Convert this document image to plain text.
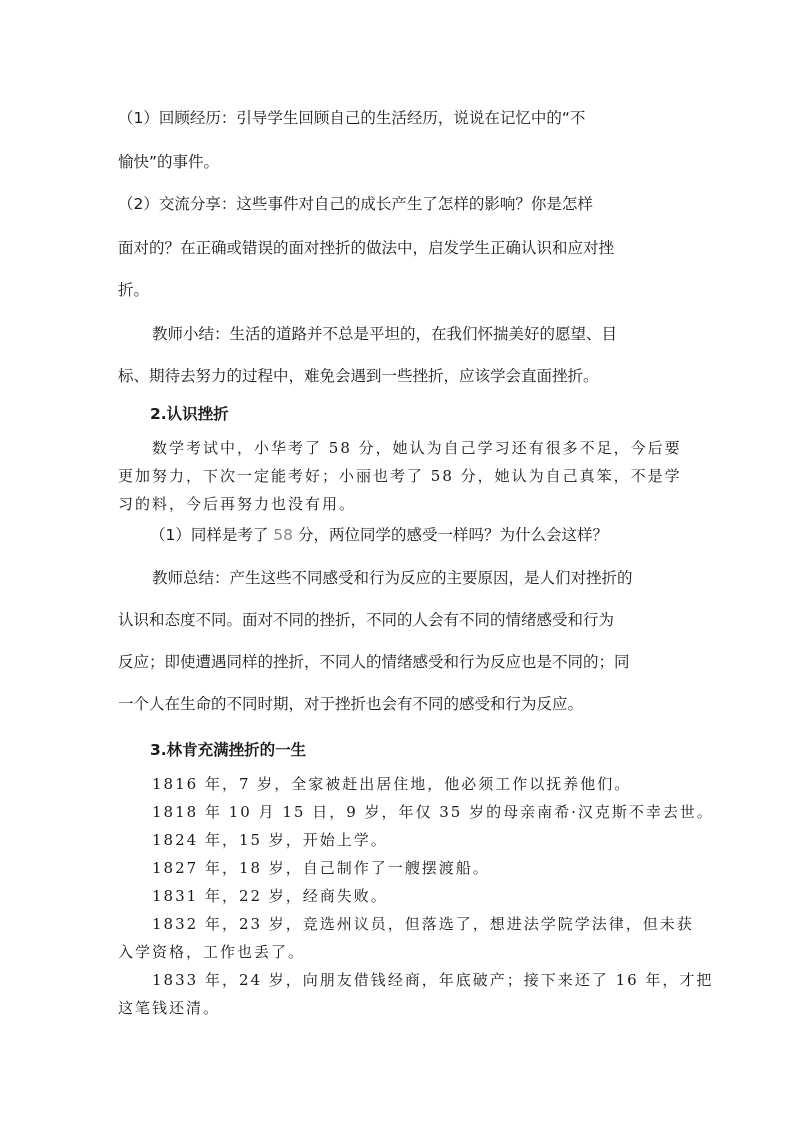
（1）回顾经历：引导学生回顾自己的生活经历，说说在记忆中的“不
愉快”的事件。
（2）交流分享：这些事件对自己的成长产生了怎样的影响？你是怎样
面对的？在正确或错误的面对挫折的做法中，启发学生正确认识和应对挫
折。
教师小结：生活的道路并不总是平坦的，在我们怀揣美好的愿望、目
标、期待去努力的过程中，难免会遇到一些挫折，应该学会直面挫折。
2.认识挫折
数学考试中，小华考了 58 分，她认为自己学习还有很多不足，今后要
更加努力，下次一定能考好；小丽也考了 58 分，她认为自己真笨，不是学
习的料，今后再努力也没有用。
（1）同样是考了 58 分，两位同学的感受一样吗？为什么会这样？
教师总结：产生这些不同感受和行为反应的主要原因，是人们对挫折的
认识和态度不同。面对不同的挫折，不同的人会有不同的情绪感受和行为
反应；即使遭遇同样的挫折，不同人的情绪感受和行为反应也是不同的；同
一个人在生命的不同时期，对于挫折也会有不同的感受和行为反应。
3.林肯充满挫折的一生
1816 年，7 岁，全家被赶出居住地，他必须工作以抚养他们。
1818 年 10 月 15 日，9 岁，年仅 35 岁的母亲南希·汉克斯不幸去世。
1824 年，15 岁，开始上学。
1827 年，18 岁，自己制作了一艘摆渡船。
1831 年，22 岁，经商失败。
1832 年，23 岁，竞选州议员，但落选了，想进法学院学法律，但未获
入学资格，工作也丢了。
1833 年，24 岁，向朋友借钱经商，年底破产；接下来还了 16 年，才把
这笔钱还清。
